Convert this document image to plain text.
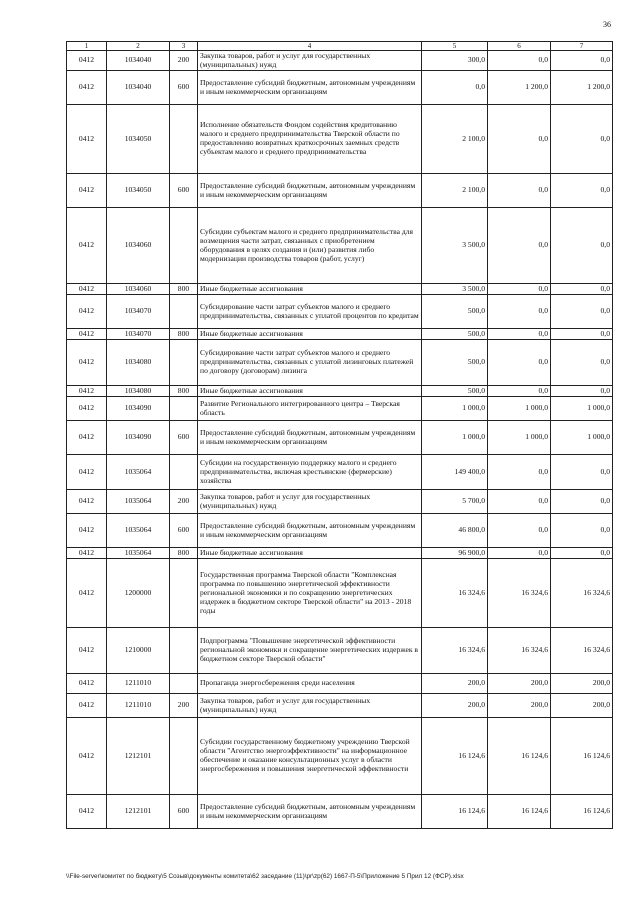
36
1	2	3	4	5	6	7
0412	1034040	200	Закупка товаров, работ и услуг для государственных (муниципальных) нужд	300,0	0,0	0,0
0412	1034040	600	Предоставление субсидий бюджетным, автономным учреждениям и иным некоммерческим организациям	0,0	1 200,0	1 200,0
0412	1034050		Исполнение обязательств Фондом содействия кредитованию малого и среднего предпринимательства Тверской области по предоставлению возвратных краткосрочных заемных средств субъектам малого и среднего предпринимательства	2 100,0	0,0	0,0
0412	1034050	600	Предоставление субсидий бюджетным, автономным учреждениям и иным некоммерческим организациям	2 100,0	0,0	0,0
0412	1034060		Субсидии субъектам малого и среднего предпринимательства для возмещения части затрат, связанных с приобретением оборудования в целях создания и (или) развития либо модернизации производства товаров (работ, услуг)	3 500,0	0,0	0,0
0412	1034060	800	Иные бюджетные ассигнования	3 500,0	0,0	0,0
0412	1034070		Субсидирование части затрат субъектов малого и среднего предпринимательства, связанных с уплатой процентов по кредитам	500,0	0,0	0,0
0412	1034070	800	Иные бюджетные ассигнования	500,0	0,0	0,0
0412	1034080		Субсидирование части затрат субъектов малого и среднего предпринимательства, связанных с уплатой лизинговых платежей по договору (договорам) лизинга	500,0	0,0	0,0
0412	1034080	800	Иные бюджетные ассигнования	500,0	0,0	0,0
0412	1034090		Развитие Регионального интегрированного центра – Тверская область	1 000,0	1 000,0	1 000,0
0412	1034090	600	Предоставление субсидий бюджетным, автономным учреждениям и иным некоммерческим организациям	1 000,0	1 000,0	1 000,0
0412	1035064		Субсидии на государственную поддержку малого и среднего предпринимательства, включая крестьянские (фермерские) хозяйства	149 400,0	0,0	0,0
0412	1035064	200	Закупка товаров, работ и услуг для государственных (муниципальных) нужд	5 700,0	0,0	0,0
0412	1035064	600	Предоставление субсидий бюджетным, автономным учреждениям и иным некоммерческим организациям	46 800,0	0,0	0,0
0412	1035064	800	Иные бюджетные ассигнования	96 900,0	0,0	0,0
0412	1200000		Государственная программа Тверской области "Комплексная программа по повышению энергетической эффективности региональной экономики и по сокращению энергетических издержек в бюджетном секторе Тверской области" на 2013 - 2018 годы	16 324,6	16 324,6	16 324,6
0412	1210000		Подпрограмма "Повышение энергетической эффективности региональной экономики и сокращение энергетических издержек в бюджетном секторе Тверской области"	16 324,6	16 324,6	16 324,6
0412	1211010		Пропаганда энергосбережения среди населения	200,0	200,0	200,0
0412	1211010	200	Закупка товаров, работ и услуг для государственных (муниципальных) нужд	200,0	200,0	200,0
0412	1212101		Субсидии государственному бюджетному учреждению Тверской области "Агентство энергоэффективности" на информационное обеспечение и оказание консультационных услуг в области энергосбережения и повышения энергетической эффективности	16 124,6	16 124,6	16 124,6
0412	1212101	600	Предоставление субсидий бюджетным, автономным учреждениям и иным некоммерческим организациям	16 124,6	16 124,6	16 124,6
\\File-server\комитет по бюджету\5 Созыв\документы комитета\62 заседание (11)\pr\zp(62) 1667-П-5\Приложение 5 Прил 12 (ФСР).xlsx
